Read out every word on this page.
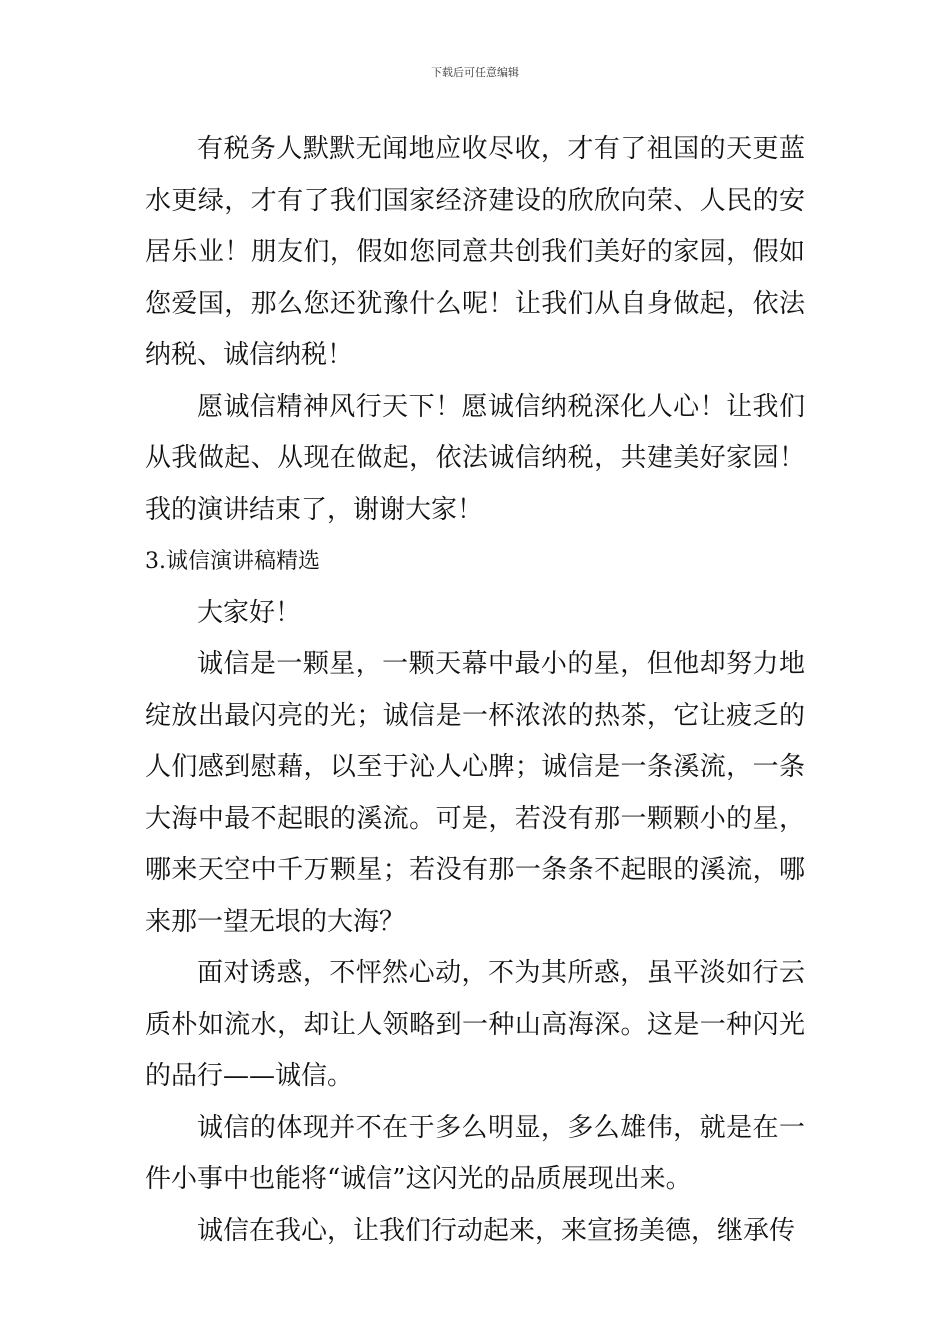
下载后可任意编辑

有税务人默默无闻地应收尽收，才有了祖国的天更蓝水更绿，才有了我们国家经济建设的欣欣向荣、人民的安居乐业！朋友们，假如您同意共创我们美好的家园，假如您爱国，那么您还犹豫什么呢！让我们从自身做起，依法纳税、诚信纳税！

愿诚信精神风行天下！愿诚信纳税深化人心！让我们从我做起、从现在做起，依法诚信纳税，共建美好家园！我的演讲结束了，谢谢大家！

3.诚信演讲稿精选

大家好！

诚信是一颗星，一颗天幕中最小的星，但他却努力地绽放出最闪亮的光；诚信是一杯浓浓的热茶，它让疲乏的人们感到慰藉，以至于沁人心脾；诚信是一条溪流，一条大海中最不起眼的溪流。可是，若没有那一颗颗小的星，哪来天空中千万颗星；若没有那一条条不起眼的溪流，哪来那一望无垠的大海？

面对诱惑，不怦然心动，不为其所惑，虽平淡如行云质朴如流水，却让人领略到一种山高海深。这是一种闪光的品行——诚信。

诚信的体现并不在于多么明显，多么雄伟，就是在一件小事中也能将“诚信”这闪光的品质展现出来。

诚信在我心，让我们行动起来，来宣扬美德，继承传
